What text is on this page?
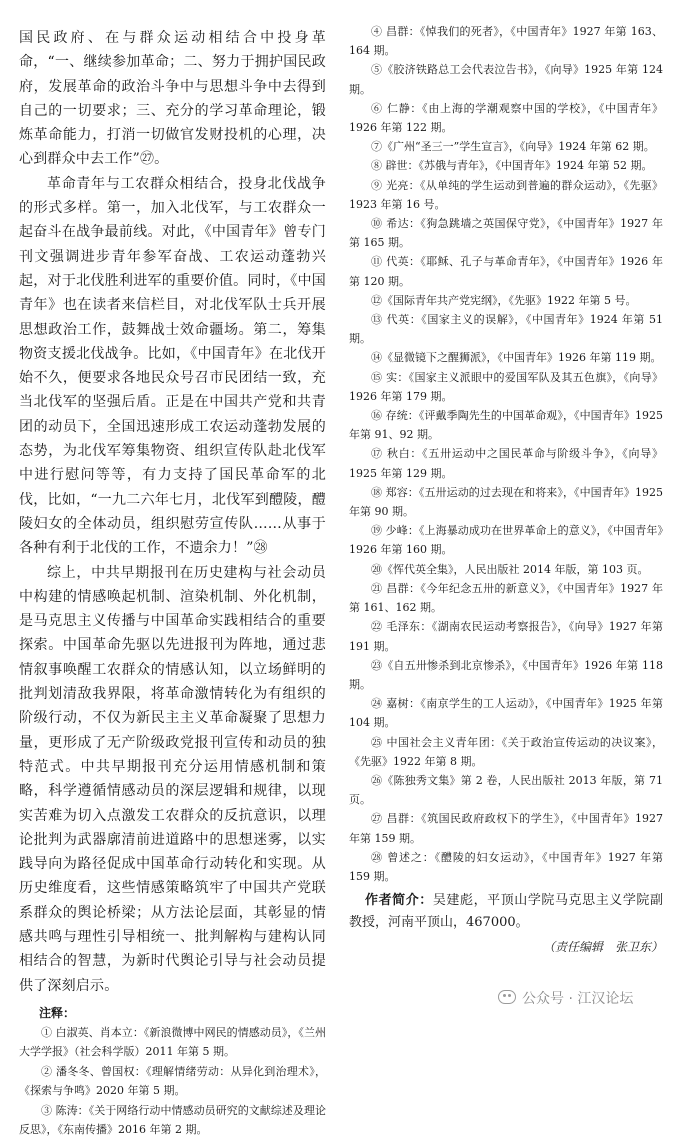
国民政府、在与群众运动相结合中投身革命，“一、继续参加革命；二、努力于拥护国民政府，发展革命的政治斗争中与思想斗争中去得到自己的一切要求；三、充分的学习革命理论，锻炼革命能力，打消一切做官发财投机的心理，决心到群众中去工作”㉗。

革命青年与工农群众相结合，投身北伐战争的形式多样。第一，加入北伐军，与工农群众一起奋斗在战争最前线。对此，《中国青年》曾专门刊文强调进步青年参军奋战、工农运动蓬勃兴起，对于北伐胜利进军的重要价值。同时，《中国青年》也在读者来信栏目，对北伐军队士兵开展思想政治工作，鼓舞战士效命疆场。第二，筹集物资支援北伐战争。比如，《中国青年》在北伐开始不久，便要求各地民众号召市民团结一致，充当北伐军的坚强后盾。正是在中国共产党和共青团的动员下，全国迅速形成工农运动蓬勃发展的态势，为北伐军筹集物资、组织宣传队赴北伐军中进行慰问等等，有力支持了国民革命军的北伐，比如，“一九二六年七月，北伐军到醴陵，醴陵妇女的全体动员，组织慰劳宣传队……从事于各种有利于北伐的工作，不遗余力！”㉘

综上，中共早期报刊在历史建构与社会动员中构建的情感唤起机制、渲染机制、外化机制，是马克思主义传播与中国革命实践相结合的重要探索。中国革命先驱以先进报刊为阵地，通过悲情叙事唤醒工农群众的情感认知，以立场鲜明的批判划清敌我界限，将革命激情转化为有组织的阶级行动，不仅为新民主主义革命凝聚了思想力量，更形成了无产阶级政党报刊宣传和动员的独特范式。中共早期报刊充分运用情感机制和策略，科学遵循情感动员的深层逻辑和规律，以现实苦难为切入点激发工农群众的反抗意识，以理论批判为武器廓清前进道路中的思想迷雾，以实践导向为路径促成中国革命行动转化和实现。从历史维度看，这些情感策略筑牢了中国共产党联系群众的舆论桥梁；从方法论层面，其彰显的情感共鸣与理性引导相统一、批判解构与建构认同相结合的智慧，为新时代舆论引导与社会动员提供了深刻启示。

注释：

① 白淑英、肖本立：《新浪微博中网民的情感动员》，《兰州大学学报》（社会科学版）2011 年第 5 期。

② 潘冬冬、曾国权：《理解情绪劳动：从异化到治理术》，《探索与争鸣》2020 年第 5 期。

③ 陈涛：《关于网络行动中情感动员研究的文献综述及理论反思》，《东南传播》2016 年第 2 期。

④ 昌群：《悼我们的死者》，《中国青年》1927 年第 163、164 期。

⑤《胶济铁路总工会代表泣告书》，《向导》1925 年第 124 期。

⑥ 仁静：《由上海的学潮观察中国的学校》，《中国青年》1926 年第 122 期。

⑦《广州“圣三一”学生宣言》，《向导》1924 年第 62 期。

⑧ 辟世：《苏俄与青年》，《中国青年》1924 年第 52 期。

⑨ 光亮：《从单纯的学生运动到普遍的群众运动》，《先驱》1923 年第 16 号。

⑩ 希达：《狗急跳墙之英国保守党》，《中国青年》1927 年第 165 期。

⑪ 代英：《耶稣、孔子与革命青年》，《中国青年》1926 年第 120 期。

⑫《国际青年共产党宪纲》，《先驱》1922 年第 5 号。

⑬ 代英：《国家主义的误解》，《中国青年》1924 年第 51 期。

⑭《显微镜下之醒狮派》，《中国青年》1926 年第 119 期。

⑮ 实：《国家主义派眼中的爱国军队及其五色旗》，《向导》1926 年第 179 期。

⑯ 存统：《评戴季陶先生的中国革命观》，《中国青年》1925 年第 91、92 期。

⑰ 秋白：《五卅运动中之国民革命与阶级斗争》，《向导》1925 年第 129 期。

⑱ 郑容：《五卅运动的过去现在和将来》，《中国青年》1925 年第 90 期。

⑲ 少峰：《上海暴动成功在世界革命上的意义》，《中国青年》1926 年第 160 期。

⑳《恽代英全集》，人民出版社 2014 年版，第 103 页。

㉑ 昌群：《今年纪念五卅的新意义》，《中国青年》1927 年第 161、162 期。

㉒ 毛泽东：《湖南农民运动考察报告》，《向导》1927 年第 191 期。

㉓《自五卅惨杀到北京惨杀》，《中国青年》1926 年第 118 期。

㉔ 嘉树：《南京学生的工人运动》，《中国青年》1925 年第 104 期。

㉕ 中国社会主义青年团：《关于政治宣传运动的决议案》，《先驱》1922 年第 8 期。

㉖《陈独秀文集》第 2 卷，人民出版社 2013 年版，第 71 页。

㉗ 昌群：《筑国民政府政权下的学生》，《中国青年》1927 年第 159 期。

㉘ 曾述之：《醴陵的妇女运动》，《中国青年》1927 年第 159 期。

作者简介：吴建彪，平顶山学院马克思主义学院副教授，河南平顶山，467000。

（责任编辑　张卫东）

公众号 · 江汉论坛
